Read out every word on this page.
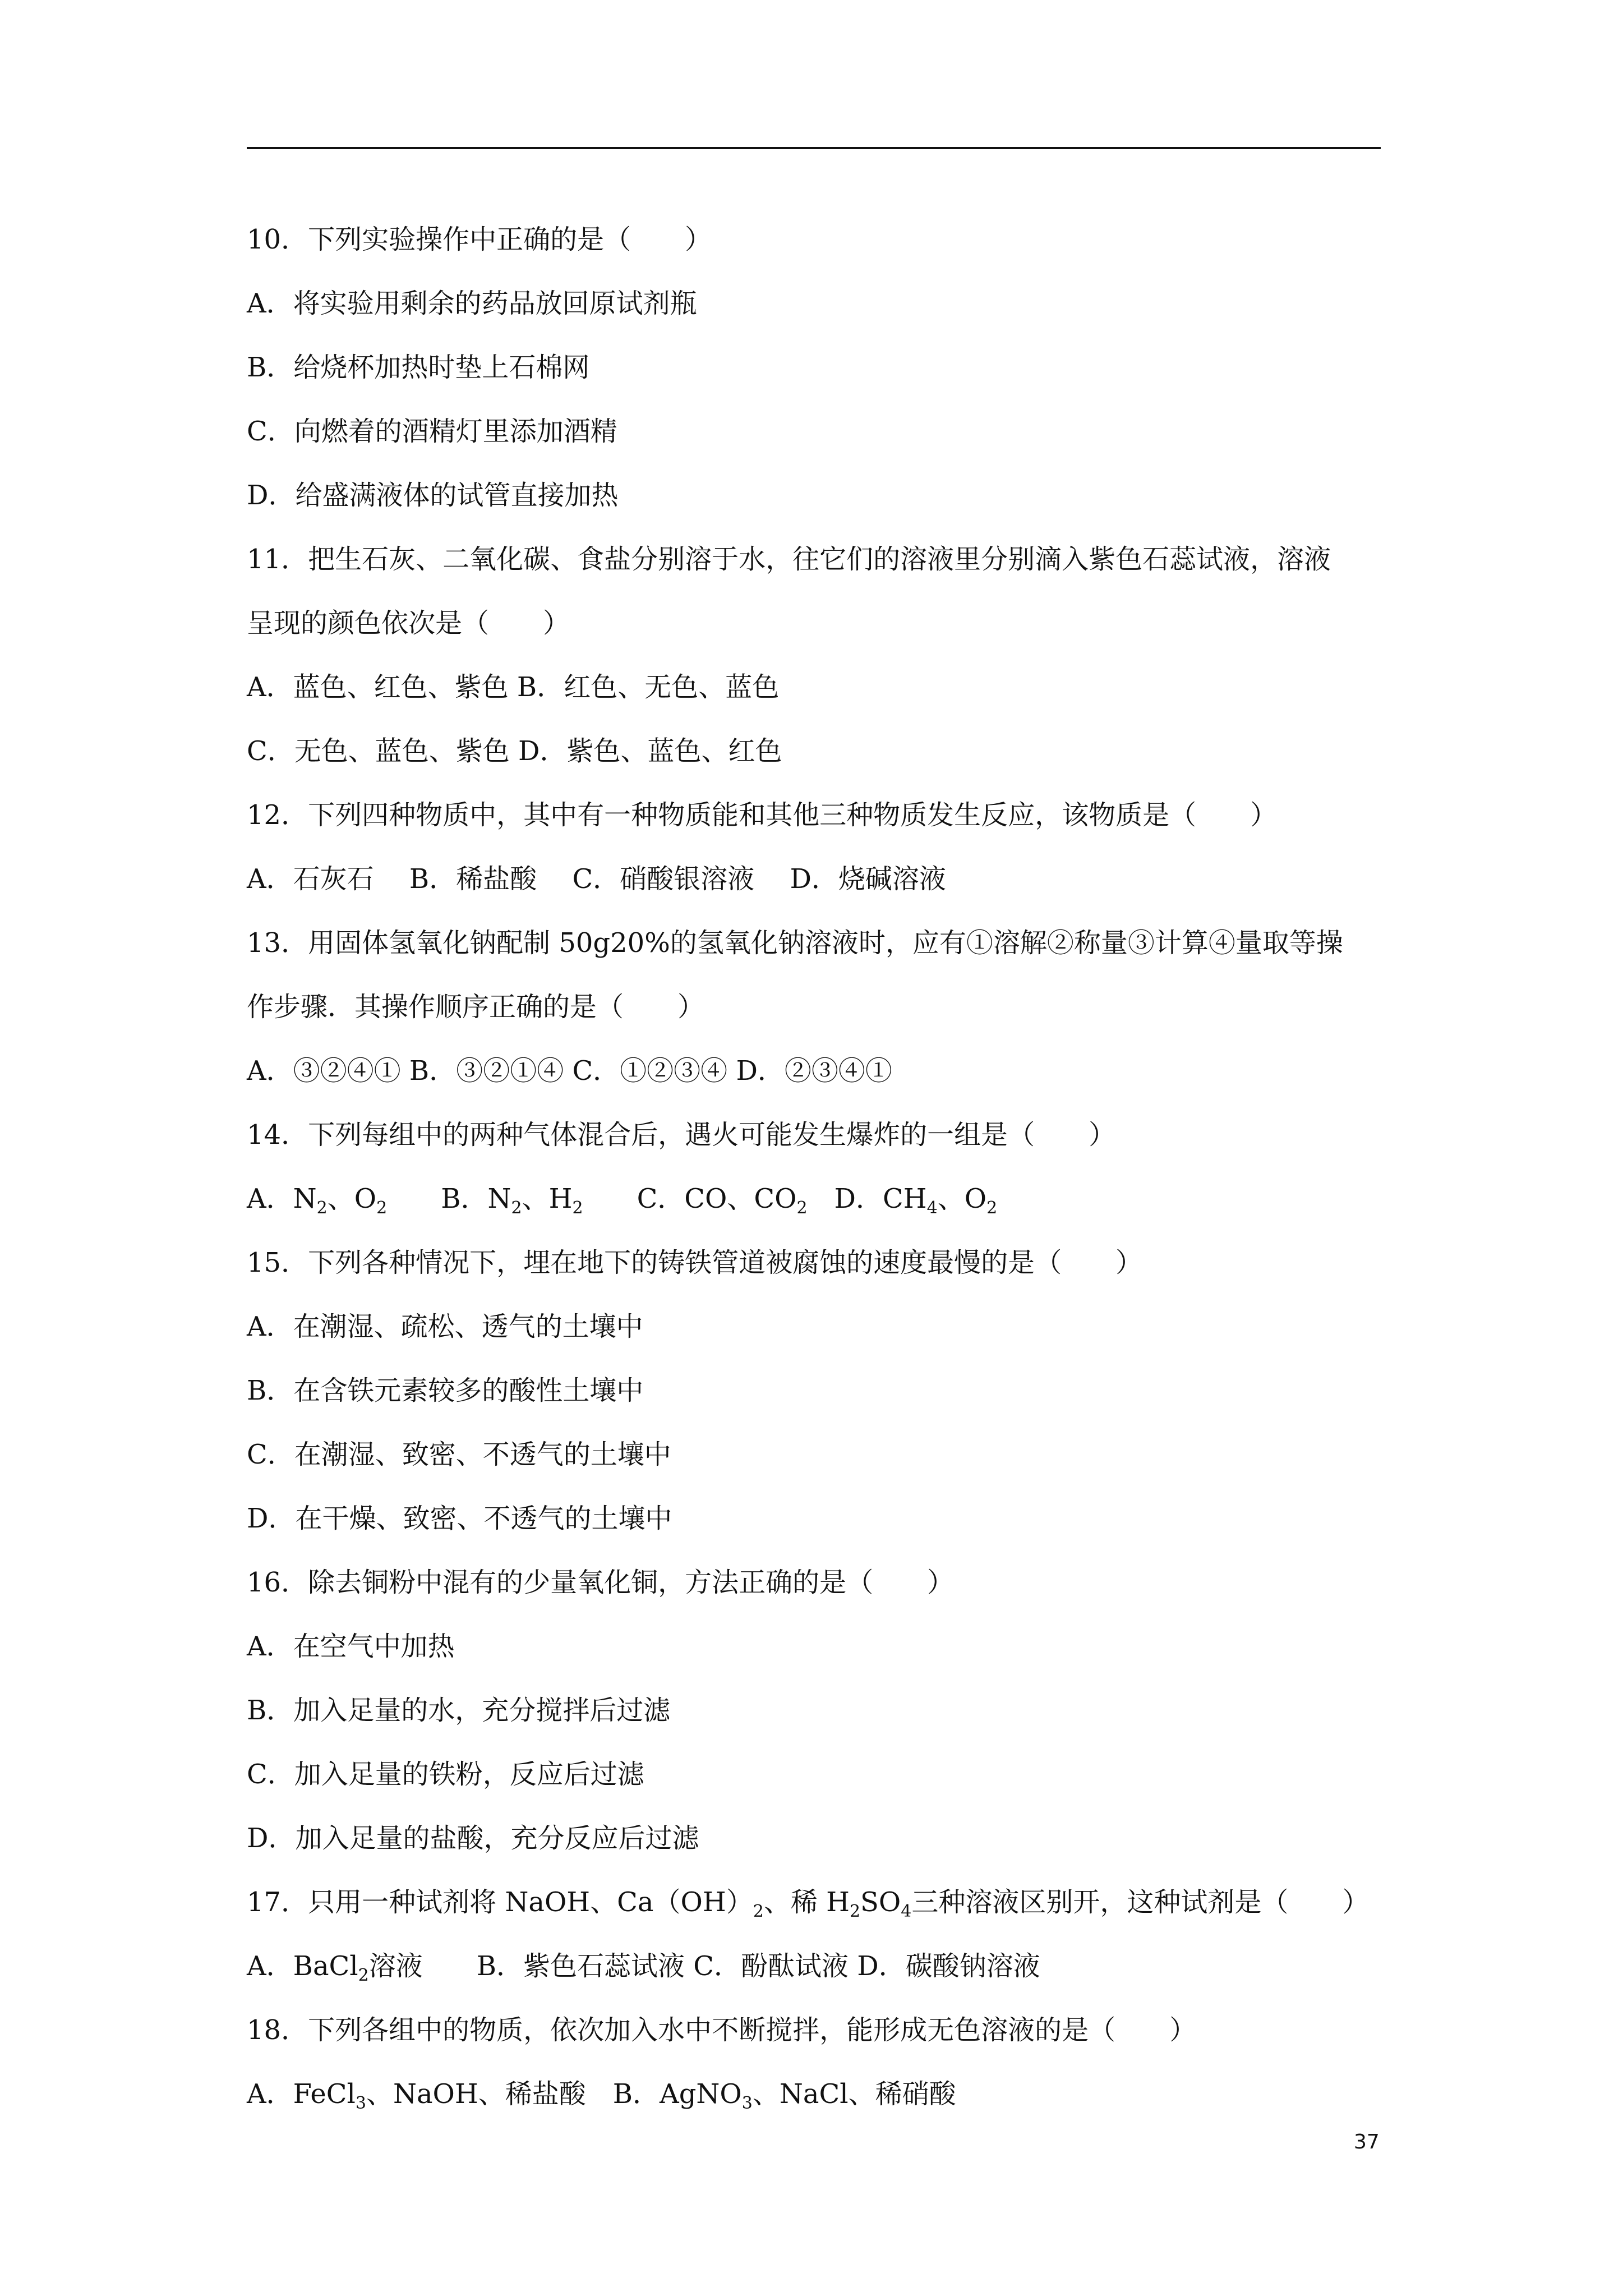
10．下列实验操作中正确的是（　　）
A．将实验用剩余的药品放回原试剂瓶
B．给烧杯加热时垫上石棉网
C．向燃着的酒精灯里添加酒精
D．给盛满液体的试管直接加热
11．把生石灰、二氧化碳、食盐分别溶于水，往它们的溶液里分别滴入紫色石蕊试液，溶液
呈现的颜色依次是（　　）
A．蓝色、红色、紫色 B．红色、无色、蓝色
C．无色、蓝色、紫色 D．紫色、蓝色、红色
12．下列四种物质中，其中有一种物质能和其他三种物质发生反应，该物质是（　　）
A．石灰石　 B．稀盐酸　 C．硝酸银溶液　 D．烧碱溶液
13．用固体氢氧化钠配制 50g20%的氢氧化钠溶液时，应有①溶解②称量③计算④量取等操
作步骤．其操作顺序正确的是（　　）
A．③②④① B．③②①④ C．①②③④ D．②③④①
14．下列每组中的两种气体混合后，遇火可能发生爆炸的一组是（　　）
A．$N_2$、$O_2$　　B．$N_2$、$H_2$　　C．CO、$CO_2$　D．$CH_4$、$O_2$
15．下列各种情况下，埋在地下的铸铁管道被腐蚀的速度最慢的是（　　）
A．在潮湿、疏松、透气的土壤中
B．在含铁元素较多的酸性土壤中
C．在潮湿、致密、不透气的土壤中
D．在干燥、致密、不透气的土壤中
16．除去铜粉中混有的少量氧化铜，方法正确的是（　　）
A．在空气中加热
B．加入足量的水，充分搅拌后过滤
C．加入足量的铁粉，反应后过滤
D．加入足量的盐酸，充分反应后过滤
17．只用一种试剂将 NaOH、$Ca(OH)_2$、稀 $H_2SO_4$三种溶液区别开，这种试剂是（　　）
A．BaCl$_2$溶液　　B．紫色石蕊试液 C．酚酞试液 D．碳酸钠溶液
18．下列各组中的物质，依次加入水中不断搅拌，能形成无色溶液的是（　　）
A．FeCl$_3$、NaOH、稀盐酸　B．AgNO$_3$、NaCl、稀硝酸
37
